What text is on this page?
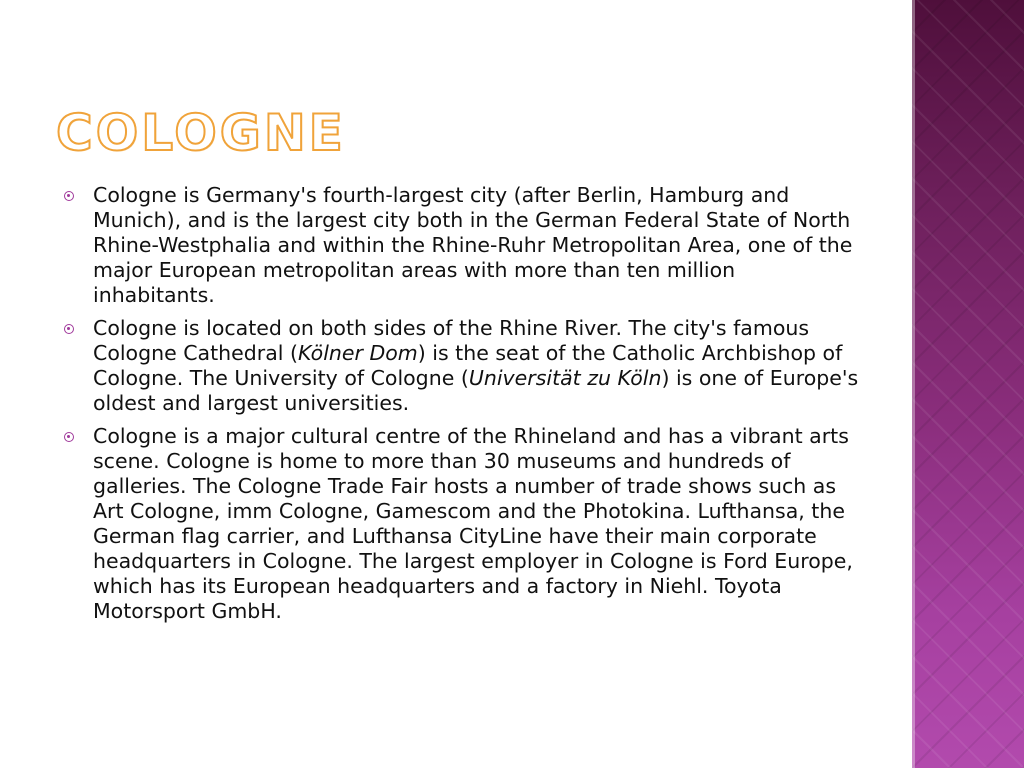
COLOGNE

Cologne is Germany's fourth-largest city (after Berlin, Hamburg and Munich), and is the largest city both in the German Federal State of North Rhine-Westphalia and within the Rhine-Ruhr Metropolitan Area, one of the major European metropolitan areas with more than ten million inhabitants.

Cologne is located on both sides of the Rhine River. The city's famous Cologne Cathedral (Kölner Dom) is the seat of the Catholic Archbishop of Cologne. The University of Cologne (Universität zu Köln) is one of Europe's oldest and largest universities.

Cologne is a major cultural centre of the Rhineland and has a vibrant arts scene. Cologne is home to more than 30 museums and hundreds of galleries. The Cologne Trade Fair hosts a number of trade shows such as Art Cologne, imm Cologne, Gamescom and the Photokina. Lufthansa, the German flag carrier, and Lufthansa CityLine have their main corporate headquarters in Cologne. The largest employer in Cologne is Ford Europe, which has its European headquarters and a factory in Niehl. Toyota Motorsport GmbH.
